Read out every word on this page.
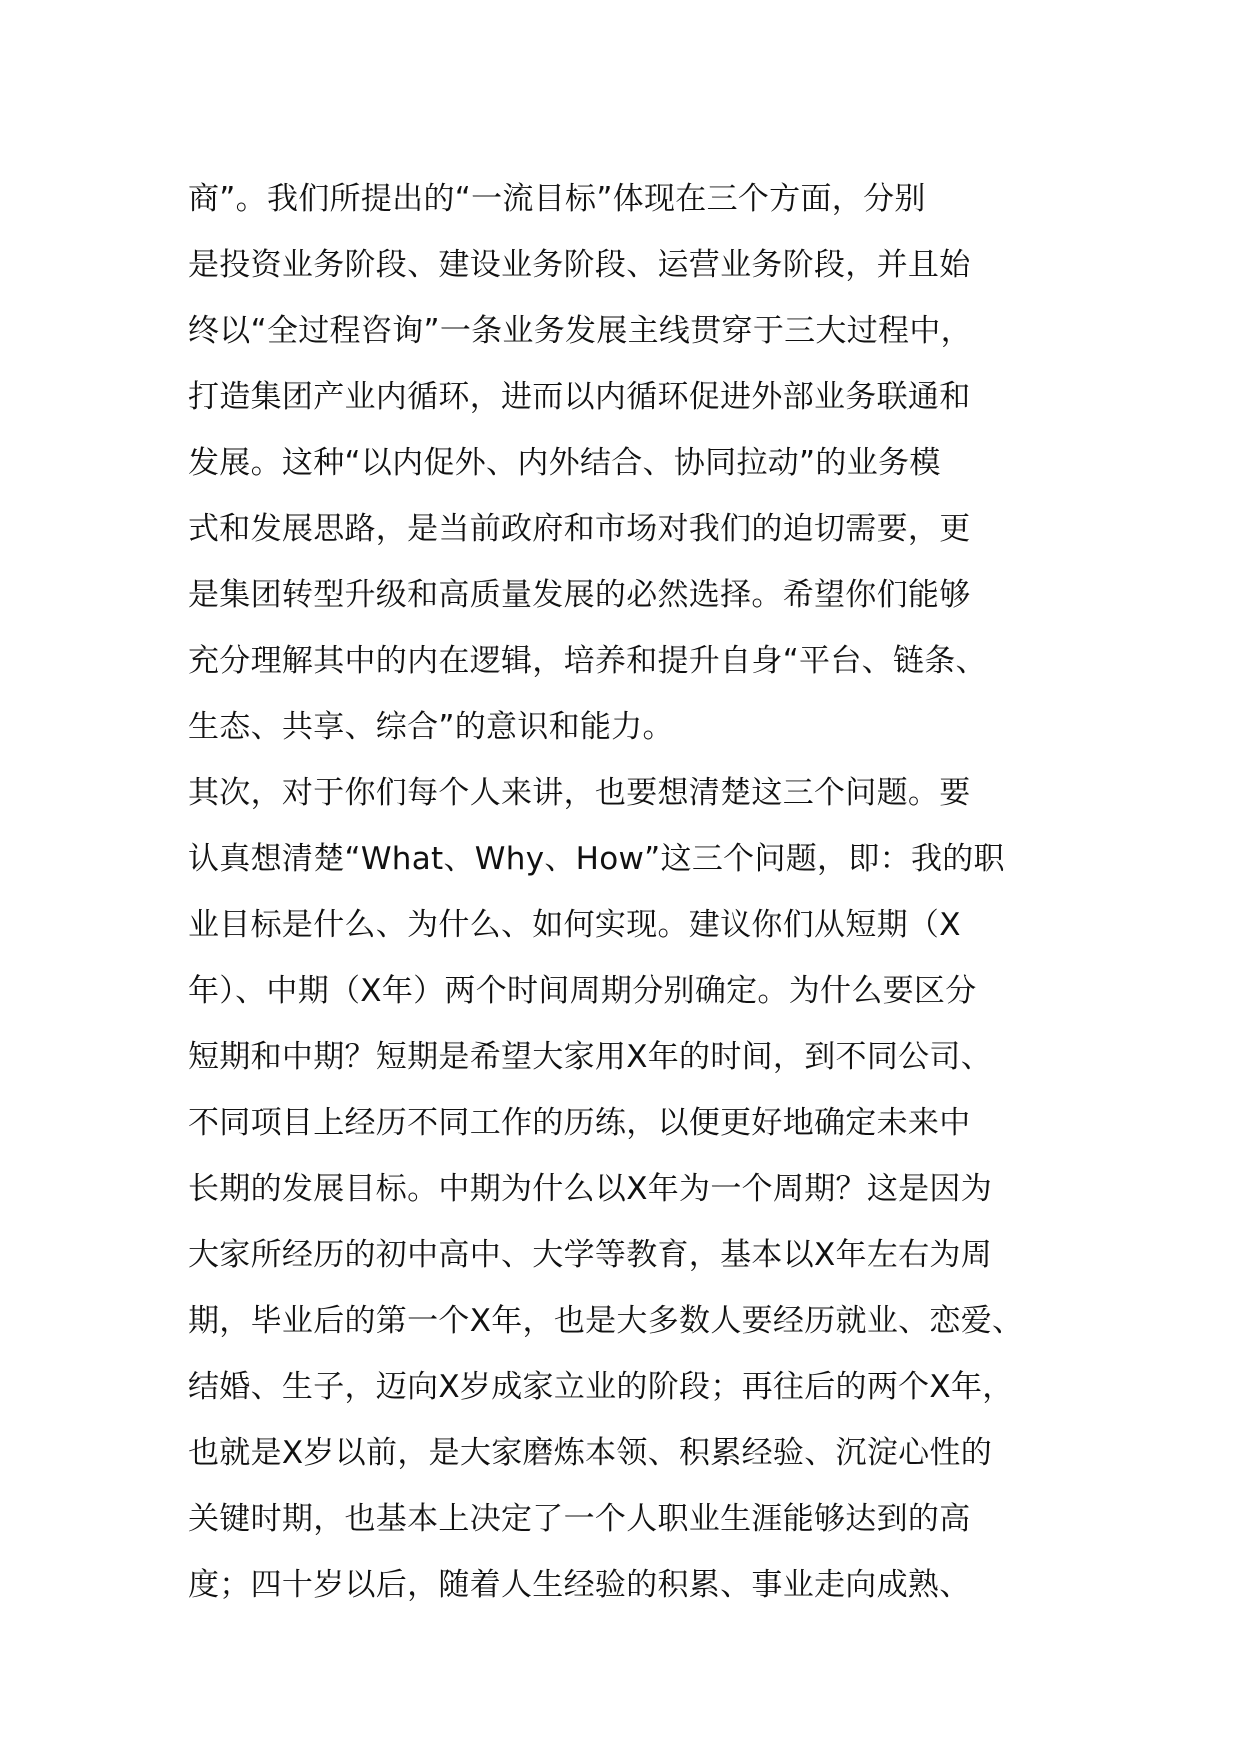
商”。我们所提出的“一流目标”体现在三个方面，分别
是投资业务阶段、建设业务阶段、运营业务阶段，并且始
终以“全过程咨询”一条业务发展主线贯穿于三大过程中，
打造集团产业内循环，进而以内循环促进外部业务联通和
发展。这种“以内促外、内外结合、协同拉动”的业务模
式和发展思路，是当前政府和市场对我们的迫切需要，更
是集团转型升级和高质量发展的必然选择。希望你们能够
充分理解其中的内在逻辑，培养和提升自身“平台、链条、
生态、共享、综合”的意识和能力。
其次，对于你们每个人来讲，也要想清楚这三个问题。要
认真想清楚“What、Why、How”这三个问题，即：我的职
业目标是什么、为什么、如何实现。建议你们从短期（X
年）、中期（X年）两个时间周期分别确定。为什么要区分
短期和中期？短期是希望大家用X年的时间，到不同公司、
不同项目上经历不同工作的历练，以便更好地确定未来中
长期的发展目标。中期为什么以X年为一个周期？这是因为
大家所经历的初中高中、大学等教育，基本以X年左右为周
期，毕业后的第一个X年，也是大多数人要经历就业、恋爱、
结婚、生子，迈向X岁成家立业的阶段；再往后的两个X年，
也就是X岁以前，是大家磨炼本领、积累经验、沉淀心性的
关键时期，也基本上决定了一个人职业生涯能够达到的高
度；四十岁以后，随着人生经验的积累、事业走向成熟、
